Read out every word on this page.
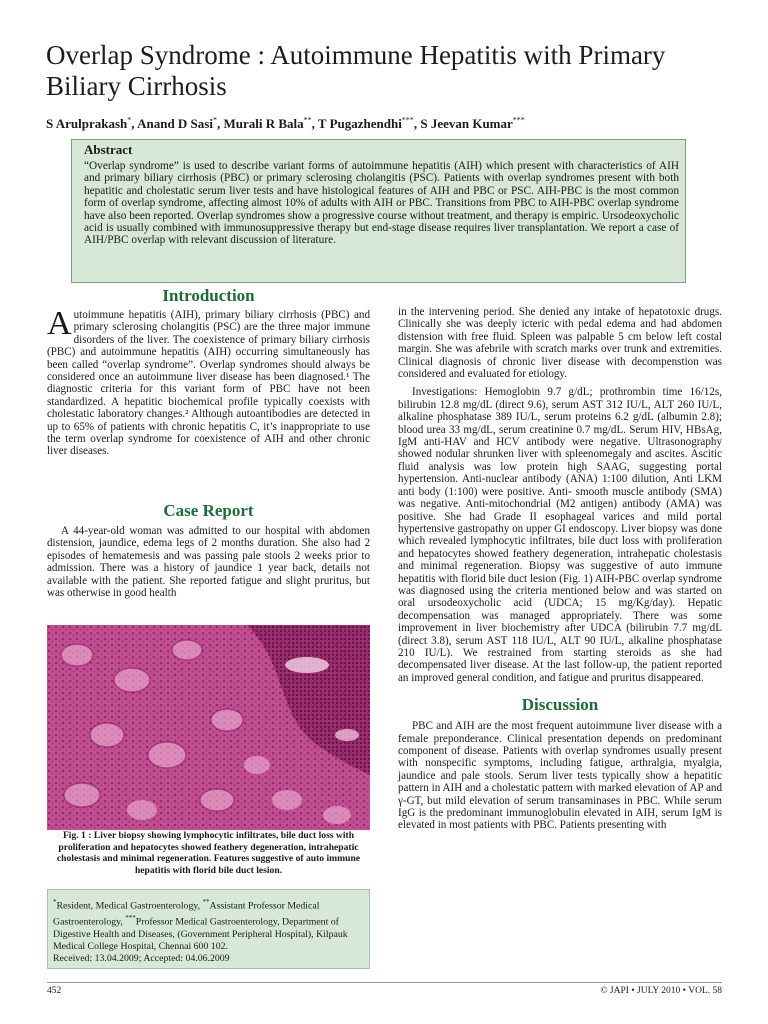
Overlap Syndrome : Autoimmune Hepatitis with Primary Biliary Cirrhosis
S Arulprakash*, Anand D Sasi*, Murali R Bala**, T Pugazhendhi***, S Jeevan Kumar***
Abstract

“Overlap syndrome” is used to describe variant forms of autoimmune hepatitis (AIH) which present with characteristics of AIH and primary biliary cirrhosis (PBC) or primary sclerosing cholangitis (PSC). Patients with overlap syndromes present with both hepatitic and cholestatic serum liver tests and have histological features of AIH and PBC or PSC. AIH-PBC is the most common form of overlap syndrome, affecting almost 10% of adults with AIH or PBC. Transitions from PBC to AIH-PBC overlap syndrome have also been reported. Overlap syndromes show a progressive course without treatment, and therapy is empiric. Ursodeoxycholic acid is usually combined with immunosuppressive therapy but end-stage disease requires liver transplantation. We report a case of AIH/PBC overlap with relevant discussion of literature.

Introduction

Autoimmune hepatitis (AIH), primary biliary cirrhosis (PBC) and primary sclerosing cholangitis (PSC) are the three major immune disorders of the liver. The coexistence of primary biliary cirrhosis (PBC) and autoimmune hepatitis (AIH) occurring simultaneously has been called “overlap syndrome”. Overlap syndromes should always be considered once an autoimmune liver disease has been diagnosed.¹ The diagnostic criteria for this variant form of PBC have not been standardized. A hepatitic biochemical profile typically coexists with cholestatic laboratory changes.² Although autoantibodies are detected in up to 65% of patients with chronic hepatitis C, it’s inappropriate to use the term overlap syndrome for coexistence of AIH and other chronic liver diseases.

Case Report

A 44-year-old woman was admitted to our hospital with abdomen distension, jaundice, edema legs of 2 months duration. She also had 2 episodes of hematemesis and was passing pale stools 2 weeks prior to admission. There was a history of jaundice 1 year back, details not available with the patient. She reported fatigue and slight pruritus, but was otherwise in good health

Fig. 1 : Liver biopsy showing lymphocytic infiltrates, bile duct loss with proliferation and hepatocytes showed feathery degeneration, intrahepatic cholestasis and minimal regeneration. Features suggestive of auto immune hepatitis with florid bile duct lesion.
*Resident, Medical Gastroenterology, **Assistant Professor Medical Gastroenterology, ***Professor Medical Gastroenterology, Department of Digestive Health and Diseases, (Government Peripheral Hospital), Kilpauk Medical College Hospital, Chennai 600 102.
Received: 13.04.2009; Accepted: 04.06.2009

in the intervening period. She denied any intake of hepatotoxic drugs. Clinically she was deeply icteric with pedal edema and had abdomen distension with free fluid. Spleen was palpable 5 cm below left costal margin. She was afebrile with scratch marks over trunk and extremities. Clinical diagnosis of chronic liver disease with decompenstion was considered and evaluated for etiology.

Investigations: Hemoglobin 9.7 g/dL; prothrombin time 16/12s, bilirubin 12.8 mg/dL (direct 9.6), serum AST 312 IU/L, ALT 260 IU/L, alkaline phosphatase 389 IU/L, serum proteins 6.2 g/dL (albumin 2.8); blood urea 33 mg/dL, serum creatinine 0.7 mg/dL. Serum HIV, HBsAg, IgM anti-HAV and HCV antibody were negative. Ultrasonography showed nodular shrunken liver with spleenomegaly and ascites. Ascitic fluid analysis was low protein high SAAG, suggesting portal hypertension. Anti-nuclear antibody (ANA) 1:100 dilution, Anti LKM anti body (1:100) were positive. Anti- smooth muscle antibody (SMA) was negative. Anti-mitochondrial (M2 antigen) antibody (AMA) was positive. She had Grade II esophageal varices and mild portal hypertensive gastropathy on upper GI endoscopy. Liver biopsy was done which revealed lymphocytic infiltrates, bile duct loss with proliferation and hepatocytes showed feathery degeneration, intrahepatic cholestasis and minimal regeneration. Biopsy was suggestive of auto immune hepatitis with florid bile duct lesion (Fig. 1) AIH-PBC overlap syndrome was diagnosed using the criteria mentioned below and was started on oral ursodeoxycholic acid (UDCA; 15 mg/Kg/day). Hepatic decompensation was managed appropriately. There was some improvement in liver biochemistry after UDCA (bilirubin 7.7 mg/dL (direct 3.8), serum AST 118 IU/L, ALT 90 IU/L, alkaline phosphatase 210 IU/L). We restrained from starting steroids as she had decompensated liver disease. At the last follow-up, the patient reported an improved general condition, and fatigue and pruritus disappeared.

Discussion

PBC and AIH are the most frequent autoimmune liver disease with a female preponderance. Clinical presentation depends on predominant component of disease. Patients with overlap syndromes usually present with nonspecific symptoms, including fatigue, arthralgia, myalgia, jaundice and pale stools. Serum liver tests typically show a hepatitic pattern in AIH and a cholestatic pattern with marked elevation of AP and γ-GT, but mild elevation of serum transaminases in PBC. While serum IgG is the predominant immunoglobulin elevated in AIH, serum IgM is elevated in most patients with PBC. Patients presenting with

452	© JAPI • JULY 2010 • VOL. 58
